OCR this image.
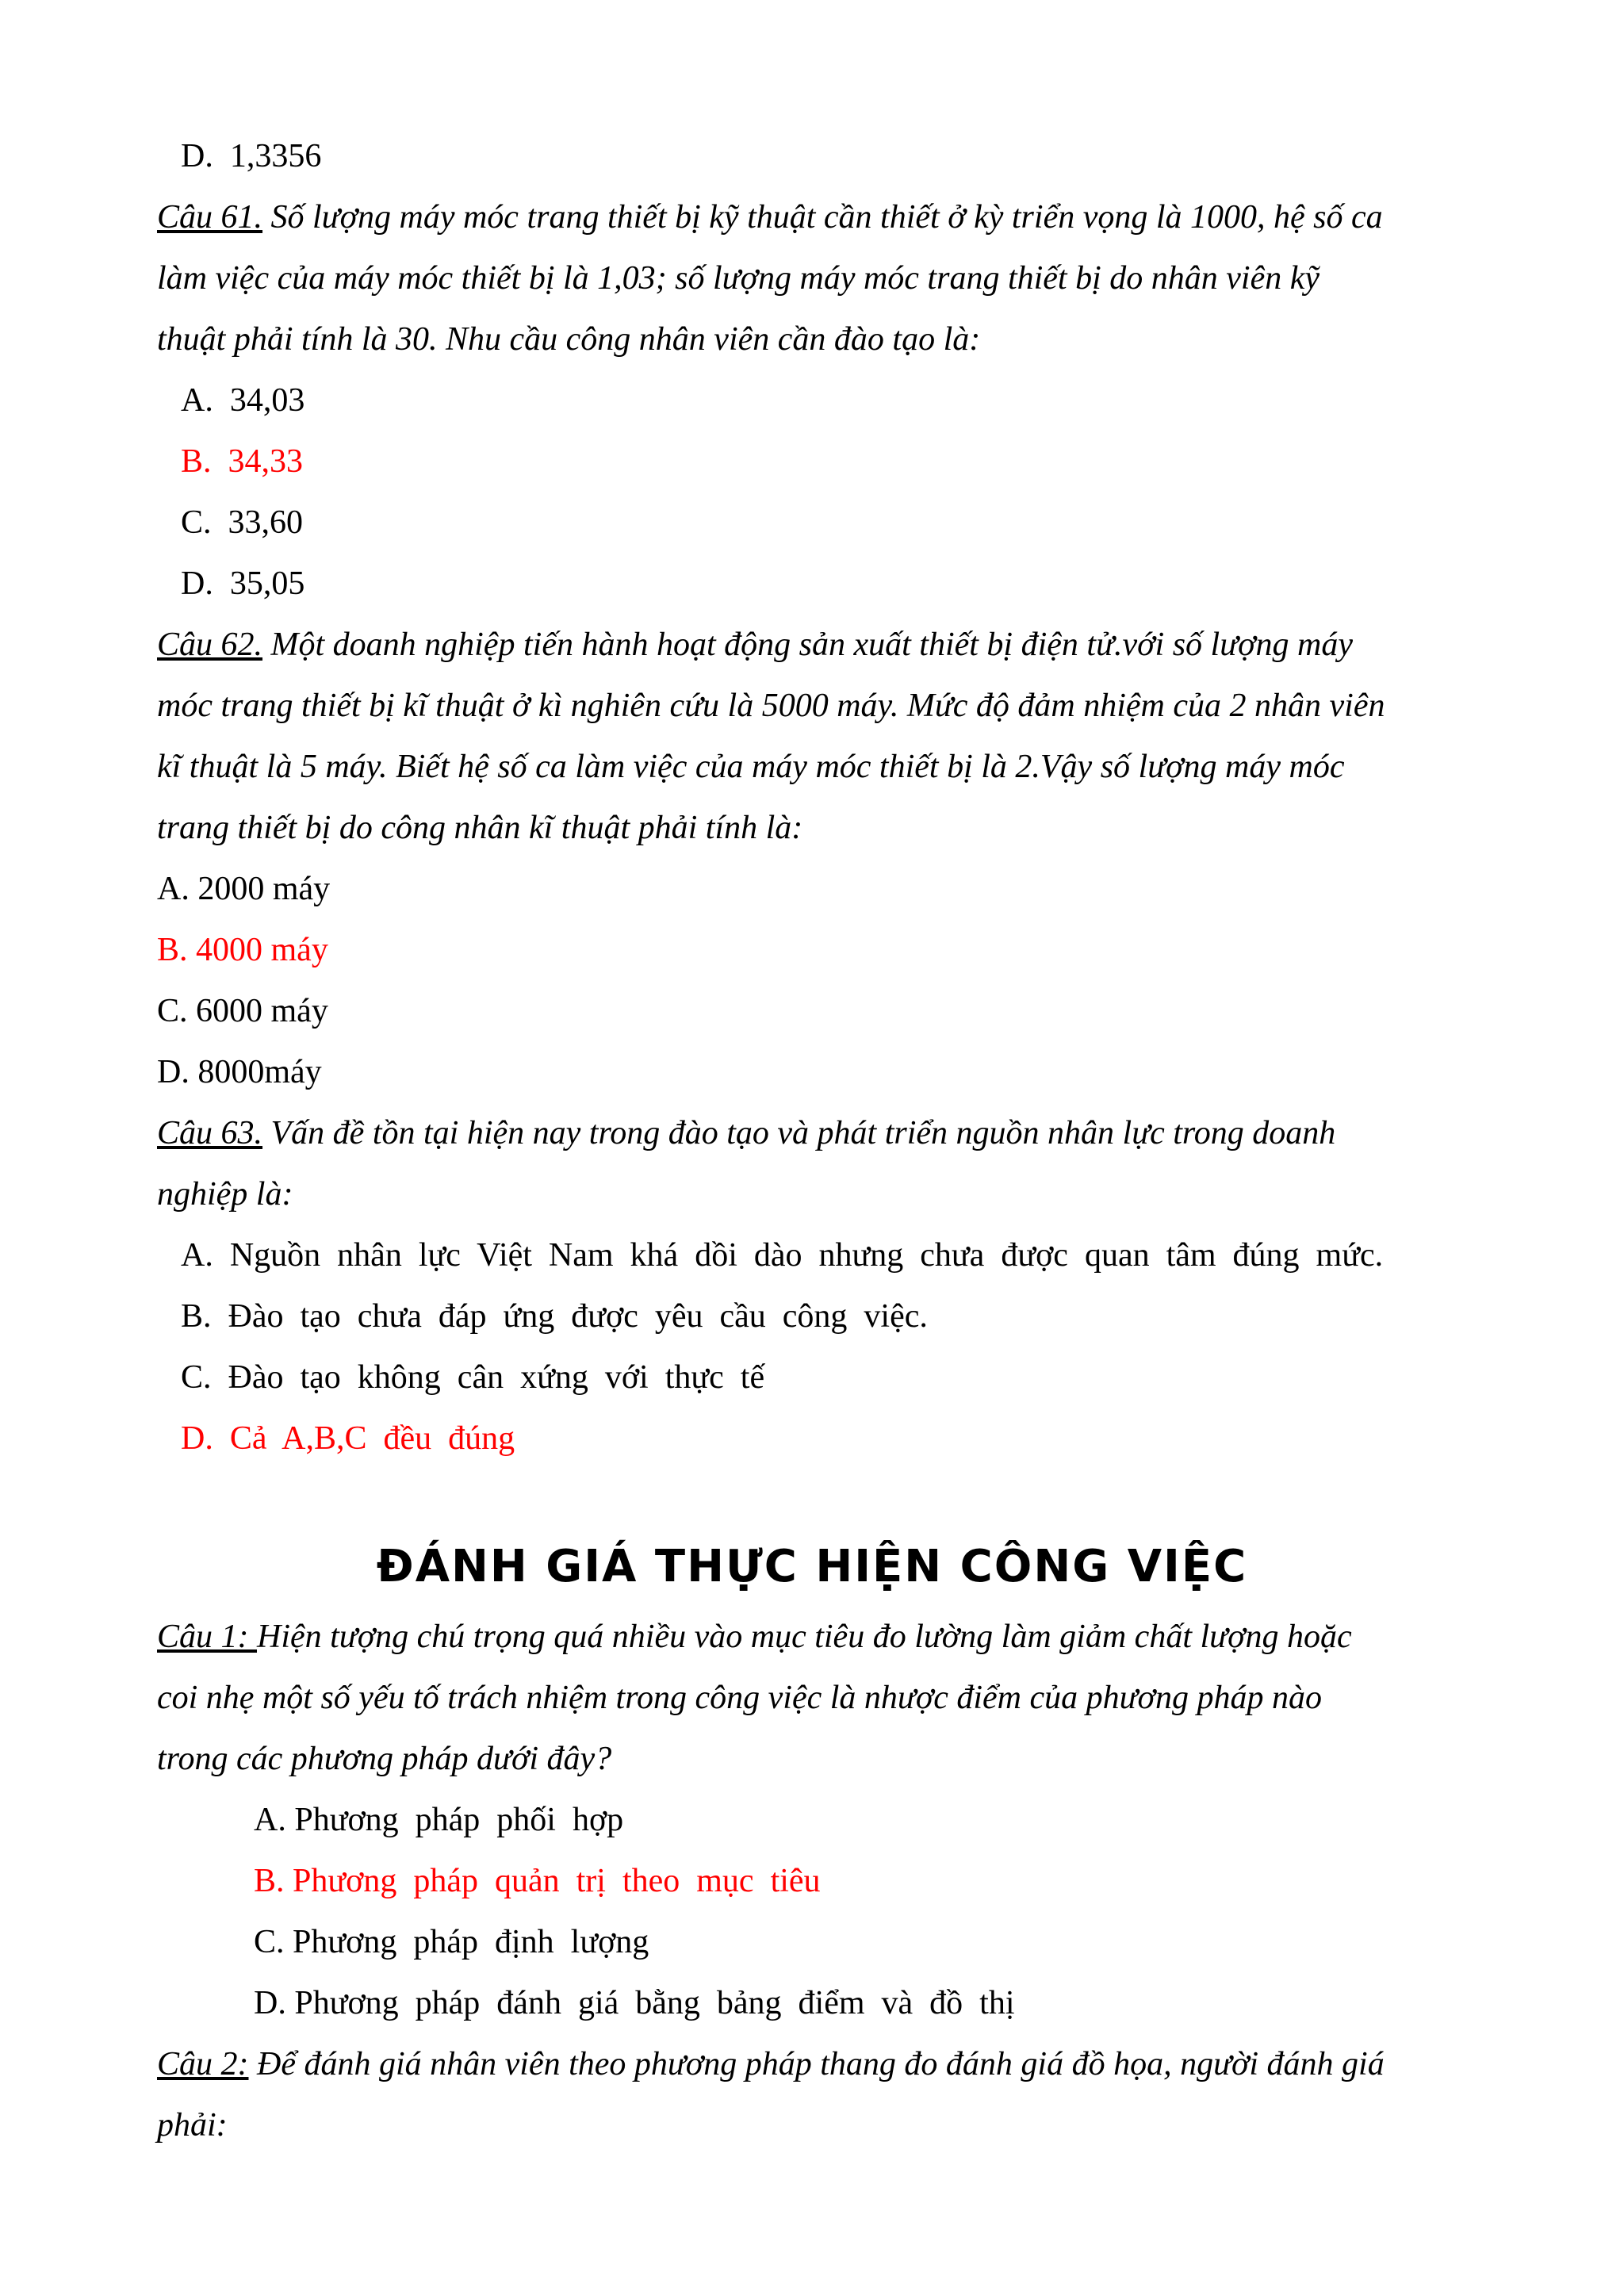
D. 1,3356
Câu 61. Số lượng máy móc trang thiết bị kỹ thuật cần thiết ở kỳ triển vọng là 1000, hệ số ca
làm việc của máy móc thiết bị là 1,03; số lượng máy móc trang thiết bị do nhân viên kỹ
thuật phải tính là 30. Nhu cầu công nhân viên cần đào tạo là:
A. 34,03
B. 34,33
C. 33,60
D. 35,05
Câu 62. Một doanh nghiệp tiến hành hoạt động sản xuất thiết bị điện tử.với số lượng máy
móc trang thiết bị kĩ thuật ở kì nghiên cứu là 5000 máy. Mức độ đảm nhiệm của 2 nhân viên
kĩ thuật là 5 máy. Biết hệ số ca làm việc của máy móc thiết bị là 2.Vậy số lượng máy móc
trang thiết bị do công nhân kĩ thuật phải tính là:
A. 2000 máy
B. 4000 máy
C. 6000 máy
D. 8000máy
Câu 63. Vấn đề tồn tại hiện nay trong đào tạo và phát triển nguồn nhân lực trong doanh
nghiệp là:
A. Nguồn  nhân  lực  Việt  Nam  khá  dồi  dào  nhưng  chưa  được  quan  tâm  đúng  mức.
B. Đào  tạo  chưa  đáp  ứng  được  yêu  cầu  công  việc.
C. Đào  tạo  không  cân  xứng  với  thực  tế
D. Cả  A,B,C  đều  đúng
ĐÁNH GIÁ THỰC HIỆN CÔNG VIỆC
Câu 1: Hiện tượng chú trọng quá nhiều vào mục tiêu đo lường làm giảm chất lượng hoặc
coi nhẹ một số yếu tố trách nhiệm trong công việc là nhược điểm của phương pháp nào
trong các phương pháp dưới đây?
A. Phương  pháp  phối  hợp
B. Phương  pháp  quản  trị  theo  mục  tiêu
C. Phương  pháp  định  lượng
D. Phương  pháp  đánh  giá  bằng  bảng  điểm  và  đồ  thị
Câu 2: Để đánh giá nhân viên theo phương pháp thang đo đánh giá đồ họa, người đánh giá
phải:
